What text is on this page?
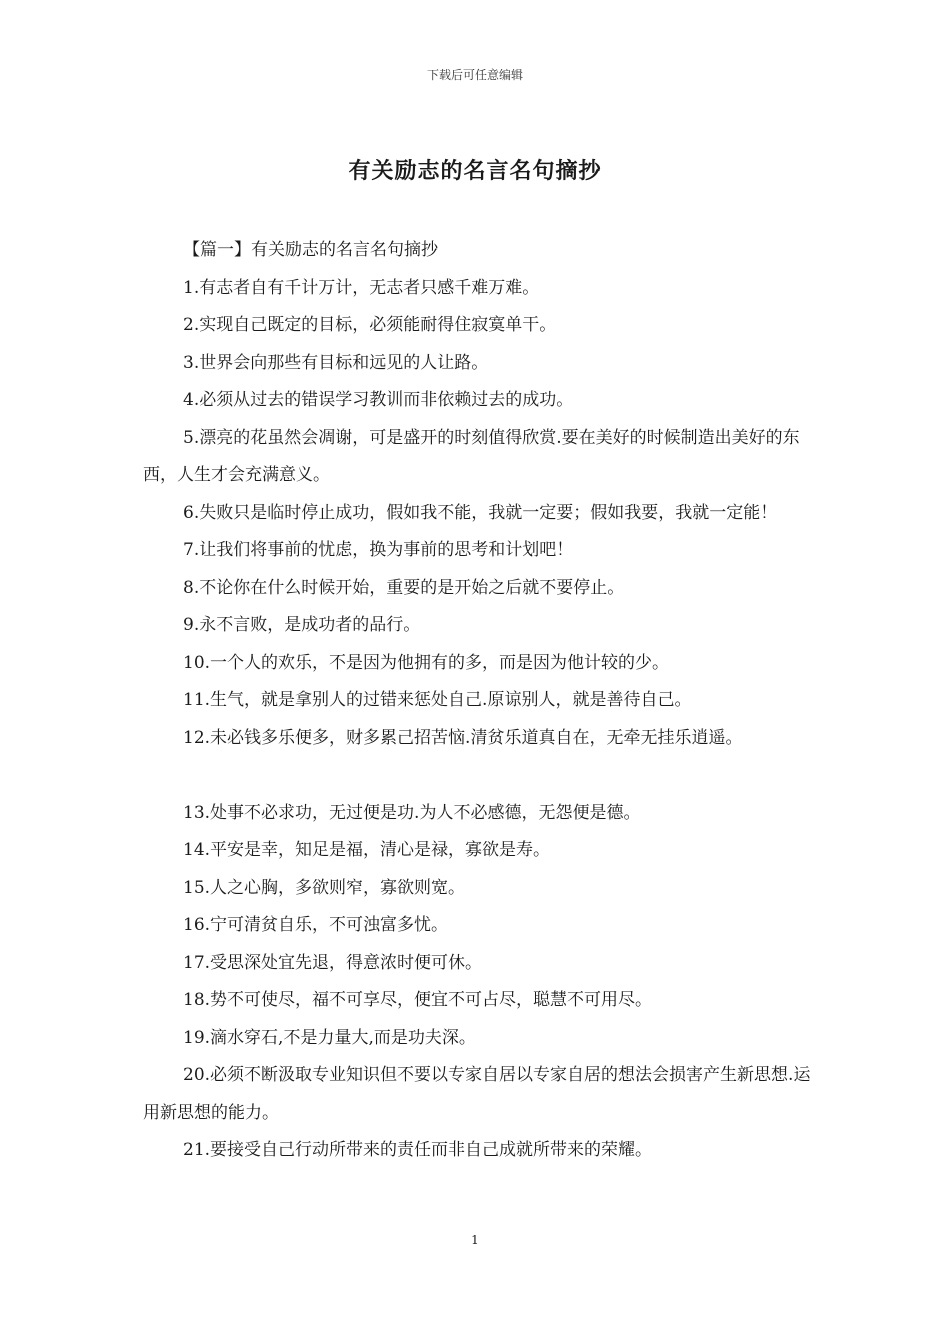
下载后可任意编辑
有关励志的名言名句摘抄

【篇一】有关励志的名言名句摘抄

1.有志者自有千计万计，无志者只感千难万难。

2.实现自己既定的目标，必须能耐得住寂寞单干。

3.世界会向那些有目标和远见的人让路。

4.必须从过去的错误学习教训而非依赖过去的成功。

5.漂亮的花虽然会凋谢，可是盛开的时刻值得欣赏.要在美好的时候制造出美好的东西，人生才会充满意义。

6.失败只是临时停止成功，假如我不能，我就一定要；假如我要，我就一定能！

7.让我们将事前的忧虑，换为事前的思考和计划吧！

8.不论你在什么时候开始，重要的是开始之后就不要停止。

9.永不言败，是成功者的品行。

10.一个人的欢乐，不是因为他拥有的多，而是因为他计较的少。

11.生气，就是拿别人的过错来惩处自己.原谅别人，就是善待自己。

12.未必钱多乐便多，财多累己招苦恼.清贫乐道真自在，无牵无挂乐逍遥。

13.处事不必求功，无过便是功.为人不必感德，无怨便是德。

14.平安是幸，知足是福，清心是禄，寡欲是寿。

15.人之心胸，多欲则窄，寡欲则宽。

16.宁可清贫自乐，不可浊富多忧。

17.受思深处宜先退，得意浓时便可休。

18.势不可使尽，福不可享尽，便宜不可占尽，聪慧不可用尽。

19.滴水穿石,不是力量大,而是功夫深。

20.必须不断汲取专业知识但不要以专家自居以专家自居的想法会损害产生新思想.运用新思想的能力。

21.要接受自己行动所带来的责任而非自己成就所带来的荣耀。

1
